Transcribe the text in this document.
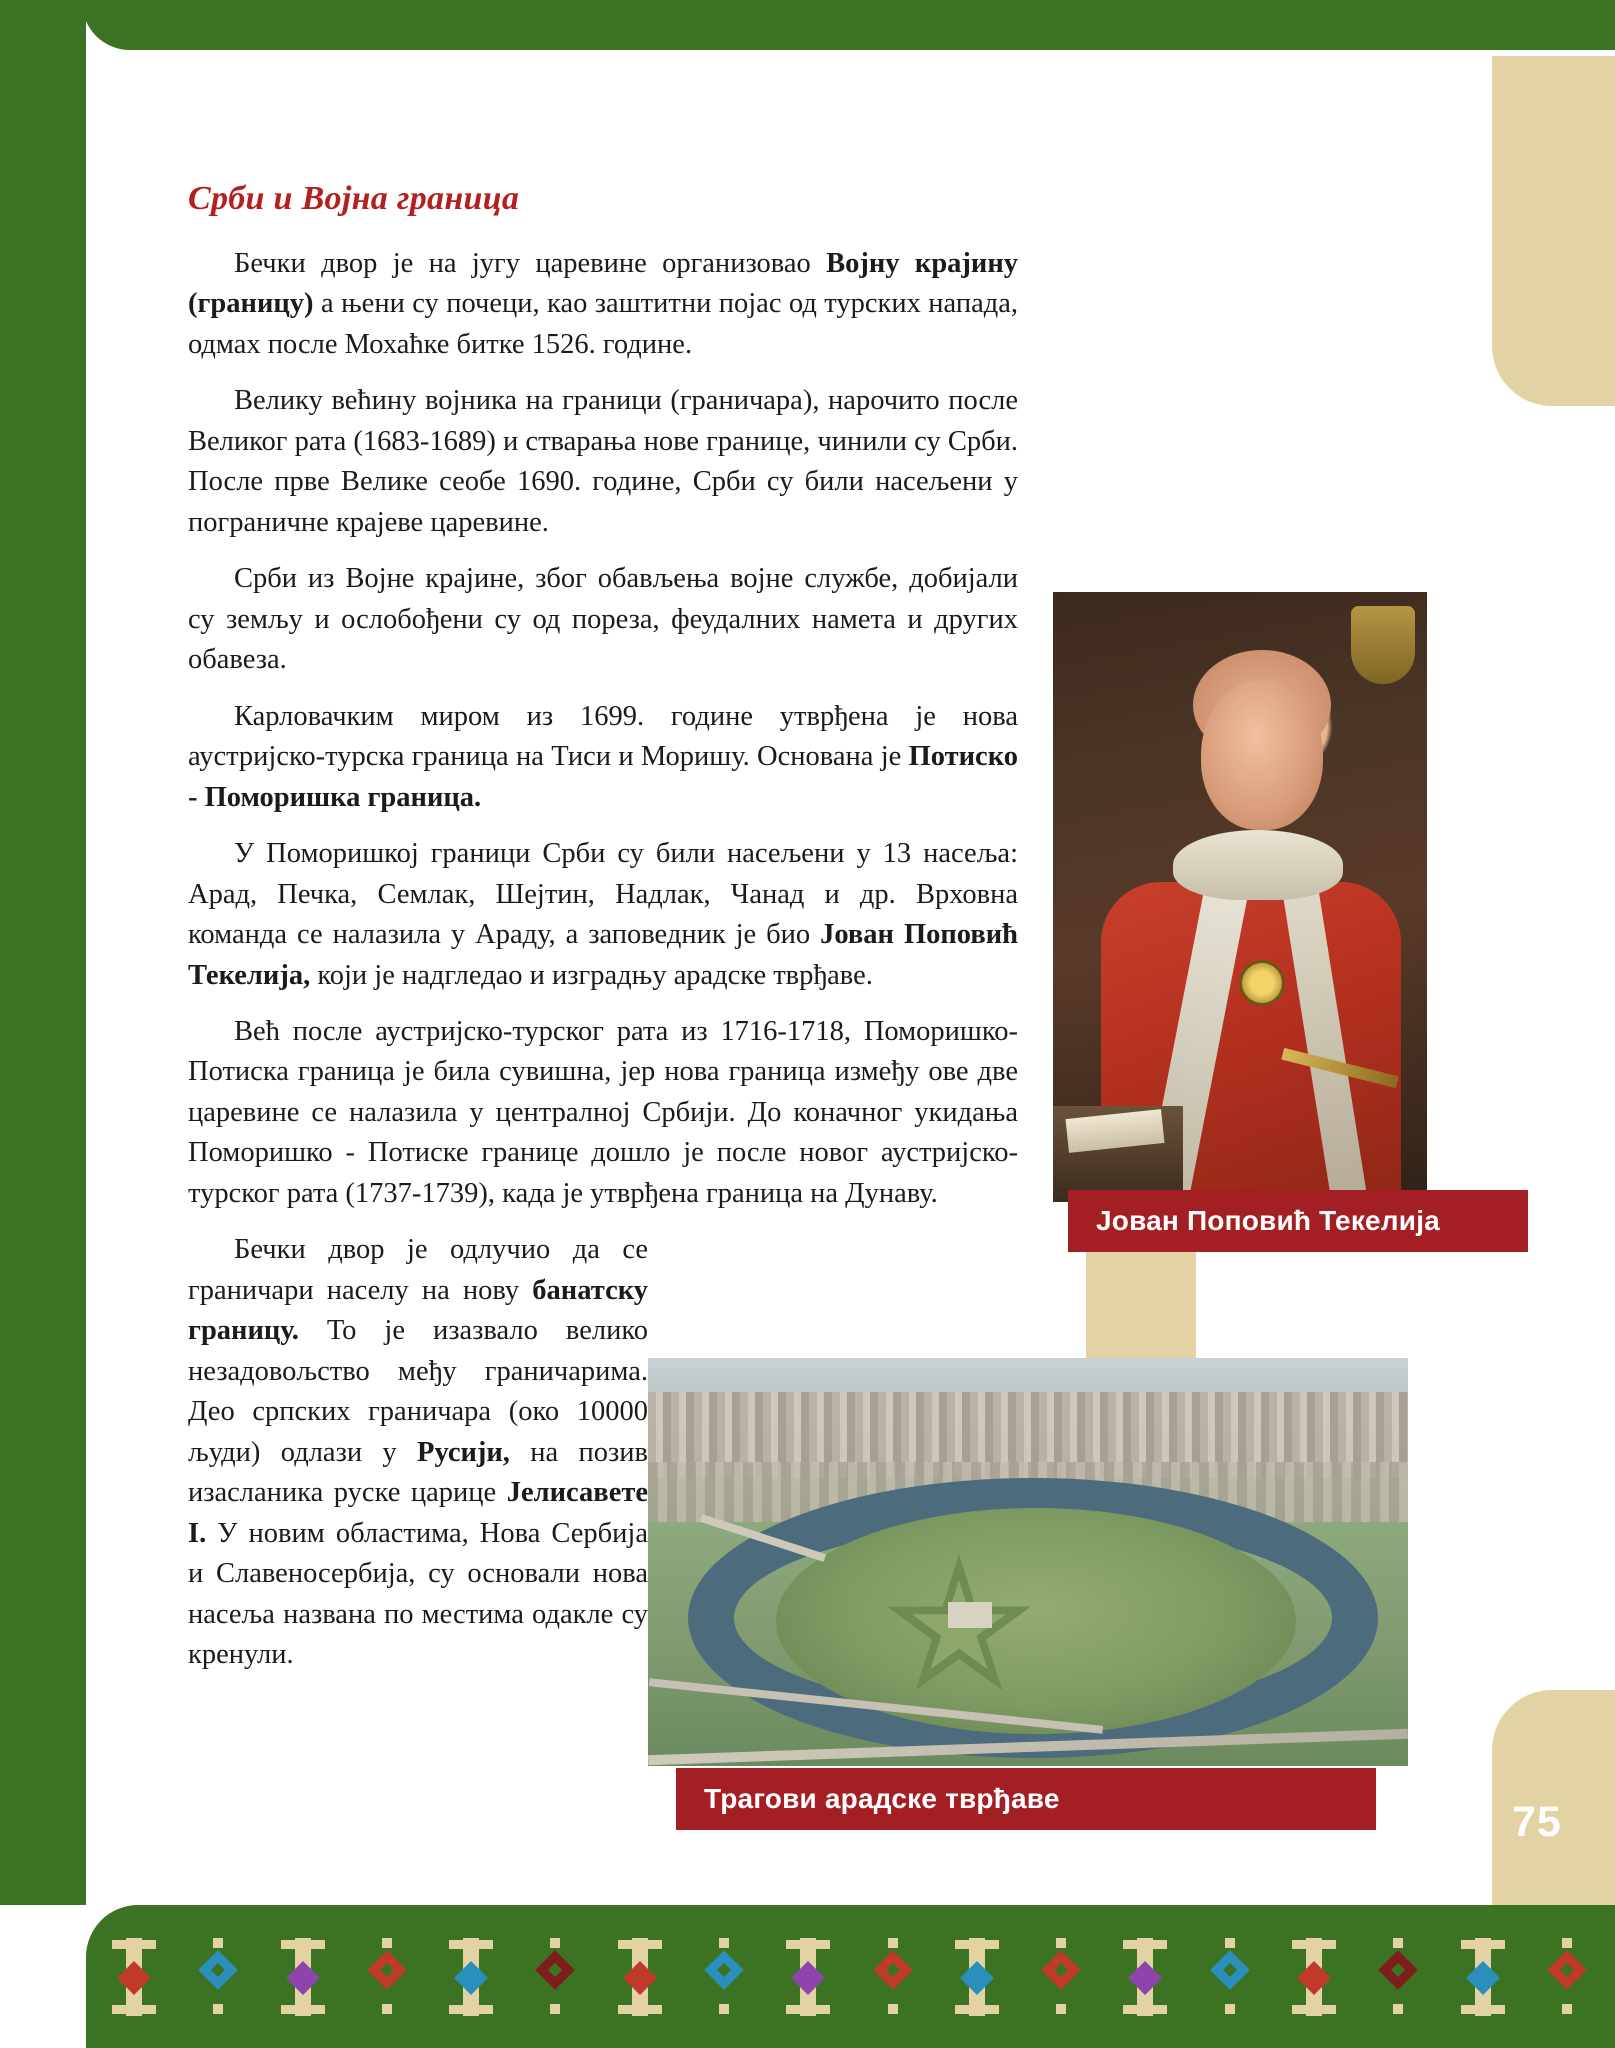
75
Срби и Војна граница

Бечки двор је на југу царевине организовао Војну крајину (границу) а њени су почеци, као заштитни појас од турских напада, одмах после Мохаћке битке 1526. године.

Велику већину војника на граници (граничара), нарочито после Великог рата (1683-1689) и стварања нове границе, чинили су Срби. После прве Велике сеобе 1690. године, Срби су били насељени у пограничне крајеве царевине.

Срби из Војне крајине, због обављења војне службе, добијали су земљу и ослобођени су од пореза, феудалних намета и других обавеза.

Карловачким миром из 1699. године утврђена је нова аустријско-турска граница на Тиси и Моришу. Основана је Потиско - Поморишка граница.

У Поморишкој граници Срби су били насељени у 13 насеља: Арад, Печка, Семлак, Шејтин, Надлак, Чанад и др. Врховна команда се налазила у Араду, а заповедник је био Јован Поповић Текелија, који је надгледао и изградњу арадске тврђаве.

Већ после аустријско-турског рата из 1716-1718, Поморишко-Потиска граница је била сувишна, јер нова граница између ове две царевине се налазила у централној Србији. До коначног укидања Поморишко - Потиске границе дошло је после новог аустријско- турског рата (1737-1739), када је утврђена граница на Дунаву.

Бечки двор је одлучио да се граничари населу на нову банатску границу. То је изазвало велико незадовољство међу граничарима. Део српских граничара (око 10000 људи) одлази у Русији, на позив изасланика руске царице Јелисавете I. У новим областима, Нова Сербија и Славеносербија, су основали нова насеља названа по местима одакле су кренули.

Јован Поповић Текелија
Трагови арадске тврђаве
